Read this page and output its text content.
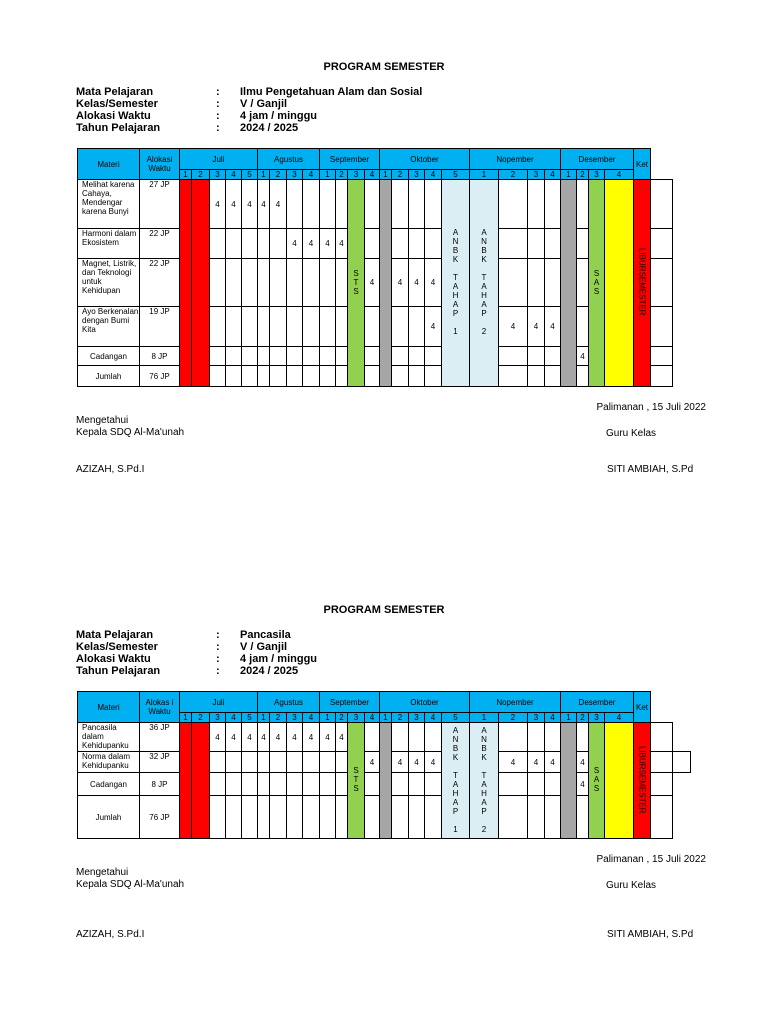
PROGRAM SEMESTER
Mata Pelajaran	:	Ilmu Pengetahuan Alam dan Sosial
Kelas/Semester	:	V / Ganjil
Alokasi Waktu	:	4 jam / minggu
Tahun Pelajaran	:	2024 / 2025
Materi	Alokasi Waktu	Juli					Agustus				September				Oktober					Nopember				Desember				Ket	
		1	2	3	4	5	1	2	3	4	1	2	3	4	1	2	3	4	5	1	2	3	4	1	2	3	4		
Melihat karena Cahaya, Mendengar karena Bunyi	27 JP			4	4	4	4	4					STS						ANBK TAHAP 1	ANBK TAHAP 2						SAS		LIBURSEMESTER	
Harmoni dalam Ekosistem	22 JP								4	4	4	4																	
Magnet, Listrik, dan Teknologi untuk Kehidupan	22 JP													4		4	4	4											
Ayo Berkenalan dengan Bumi Kita	19 JP																	4			4	4	4						
Cadangan	8 JP																								4				
Jumlah	76 JP																												
Palimanan , 15 Juli 2022
Mengetahui
Kepala SDQ Al-Ma'unah	Guru Kelas
AZIZAH, S.Pd.I	SITI AMBIAH, S.Pd
PROGRAM SEMESTER
Mata Pelajaran	:	Pancasila
Kelas/Semester	:	V / Ganjil
Alokasi Waktu	:	4 jam / minggu
Tahun Pelajaran	:	2024 / 2025
Materi	Alokas i Waktu	Juli					Agustus				September				Oktober					Nopember				Desember				Ket		
		1	2	3	4	5	1	2	3	4	1	2	3	4	1	2	3	4	5	1	2	3	4	1	2	3	4			
Pancasila dalam Kehidupanku	36 JP			4	4	4	4	4	4	4	4	4	STS						ANBK TAHAP 1	ANBK TAHAP 2						SAS		LIBURSEMESTER		
Norma dalam Kehidupanku	32 JP													4		4	4	4			4	4	4		4					
Cadangan	8 JP																								4					
Jumlah	76 JP																													
Palimanan , 15 Juli 2022
Mengetahui
Kepala SDQ Al-Ma'unah	Guru Kelas
AZIZAH, S.Pd.I	SITI AMBIAH, S.Pd
